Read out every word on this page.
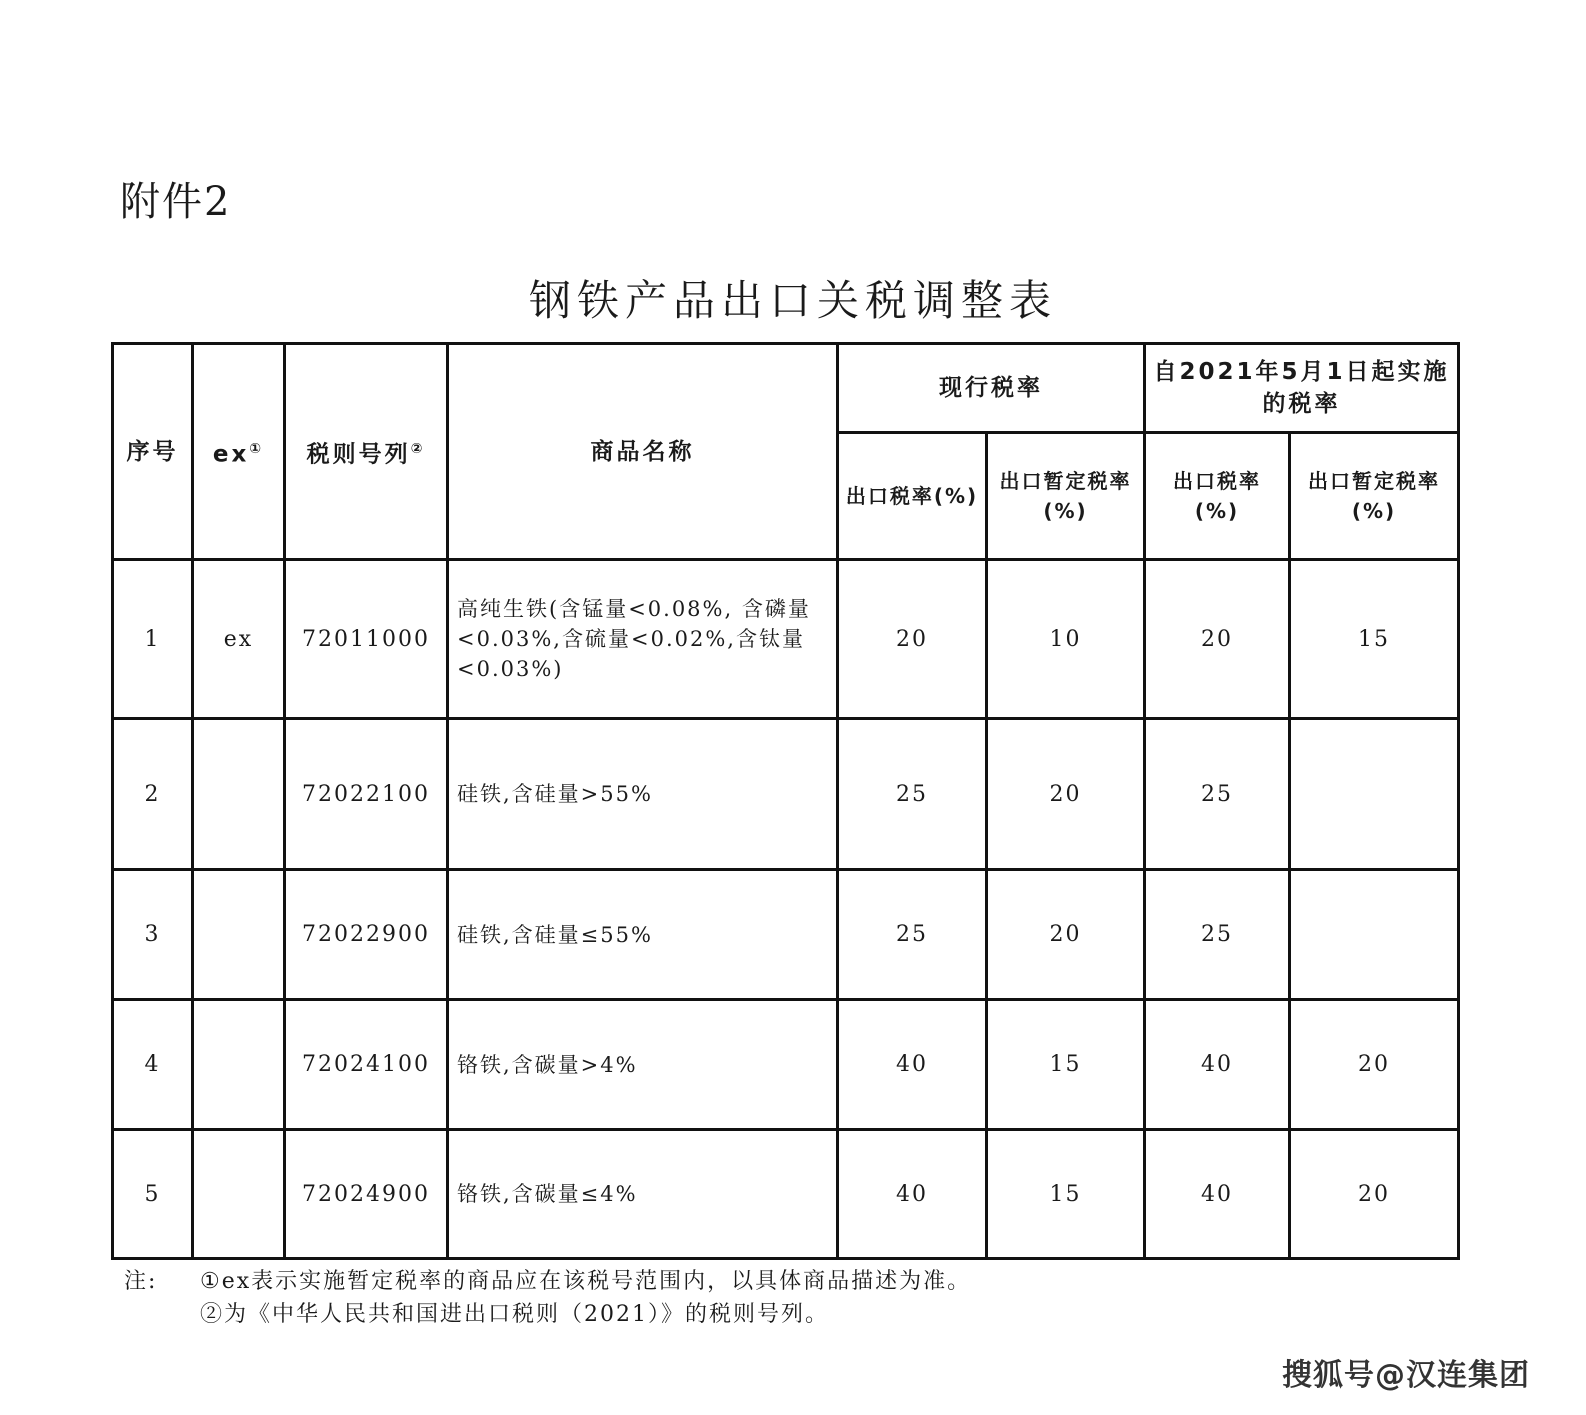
附件2
钢铁产品出口关税调整表
序号	ex①	税则号列②	商品名称	现行税率		自2021年5月1日起实施的税率	
				出口税率(%)	出口暂定税率(%)	出口税率(%)	出口暂定税率(%)
1	ex	72011000	高纯生铁(含锰量<0.08%, 含磷量<0.03%,含硫量<0.02%,含钛量<0.03%)	20	10	20	15
2		72022100	硅铁,含硅量>55%	25	20	25	
3		72022900	硅铁,含硅量≤55%	25	20	25	
4		72024100	铬铁,含碳量>4%	40	15	40	20
5		72024900	铬铁,含碳量≤4%	40	15	40	20
注: ①ex表示实施暂定税率的商品应在该税号范围内，以具体商品描述为准。
②为《中华人民共和国进出口税则（2021）》的税则号列。
搜狐号@汉连集团
